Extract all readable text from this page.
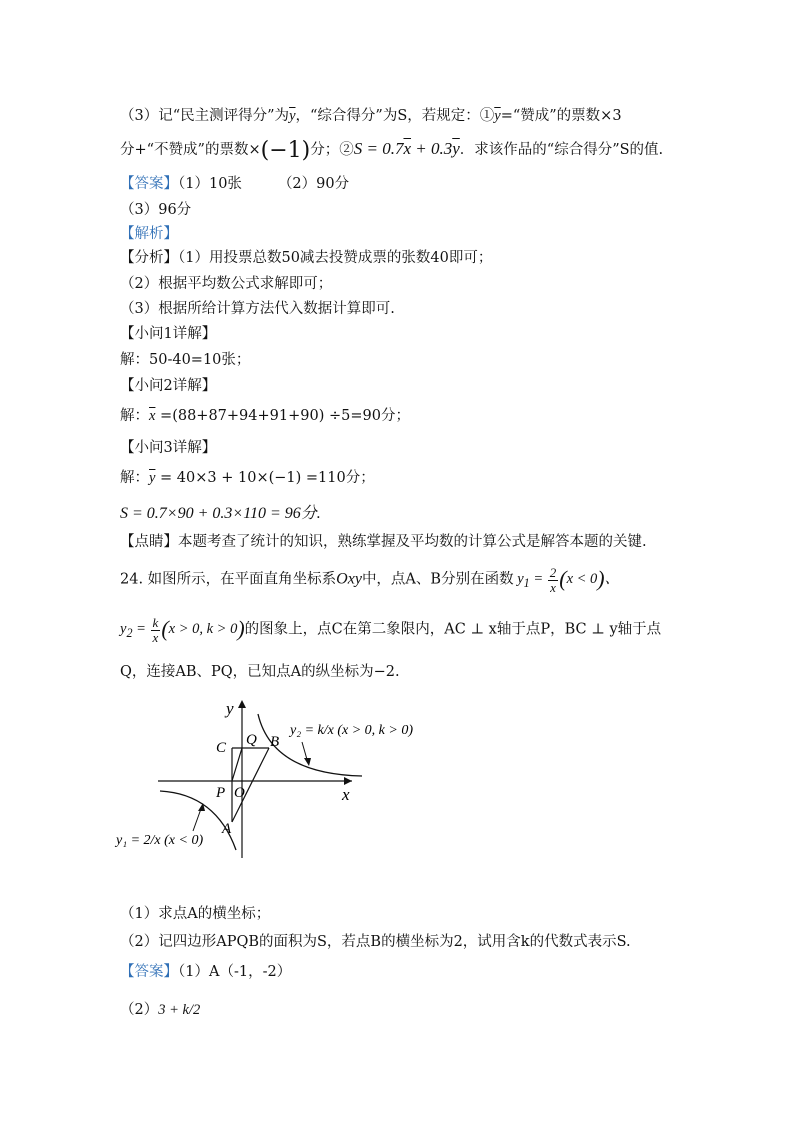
（3）记“民主测评得分”为$\overline{y}$，“综合得分”为S，若规定：$①\overline{y}=“$赞成”的票数×3
分+“不赞成”的票数×(−1)分；②S = $0.7\overline{x} + 0.3\overline{y}$．求该作品的“综合得分”S的值.
【答案】（1）10张 （2）90分
（3）96分
【解析】
【分析】（1）用投票总数50减去投赞成票的张数40即可；
（2）根据平均数公式求解即可；
（3）根据所给计算方法代入数据计算即可.
【小问1详解】
解：50-40=10张；
【小问2详解】
解：$\overline{x} =(88+87+94+91+90) \div 5=90$分；
【小问3详解】
解：$\overline{y} = 40\times 3 + 10\times(-1) =110$分；
S = 0.7×90 + 0.3×110 = 96分.
【点睛】本题考查了统计的知识，熟练掌握及平均数的计算公式是解答本题的关键.
24. 如图所示，在平面直角坐标系Oxy中，点A、B分别在函数 $y_1 = \frac{2}{x} (x < 0)$、
$y_2 = \frac{k}{x} (x > 0$, k > 0)的图象上，点C在第二象限内，AC ⊥ x轴于点P，BC ⊥ y轴于点
Q，连接AB、PQ，已知点A的纵坐标为−2.
y
x
C Q B
P O
A
y₂ = k/x (x > 0, k > 0)
y₁ = 2/x (x < 0)
（1）求点A的横坐标；
（2）记四边形APQB的面积为S，若点B的横坐标为2，试用含k的代数式表示S.
【答案】（1）A（-1，-2）
（2）3 + k/2
